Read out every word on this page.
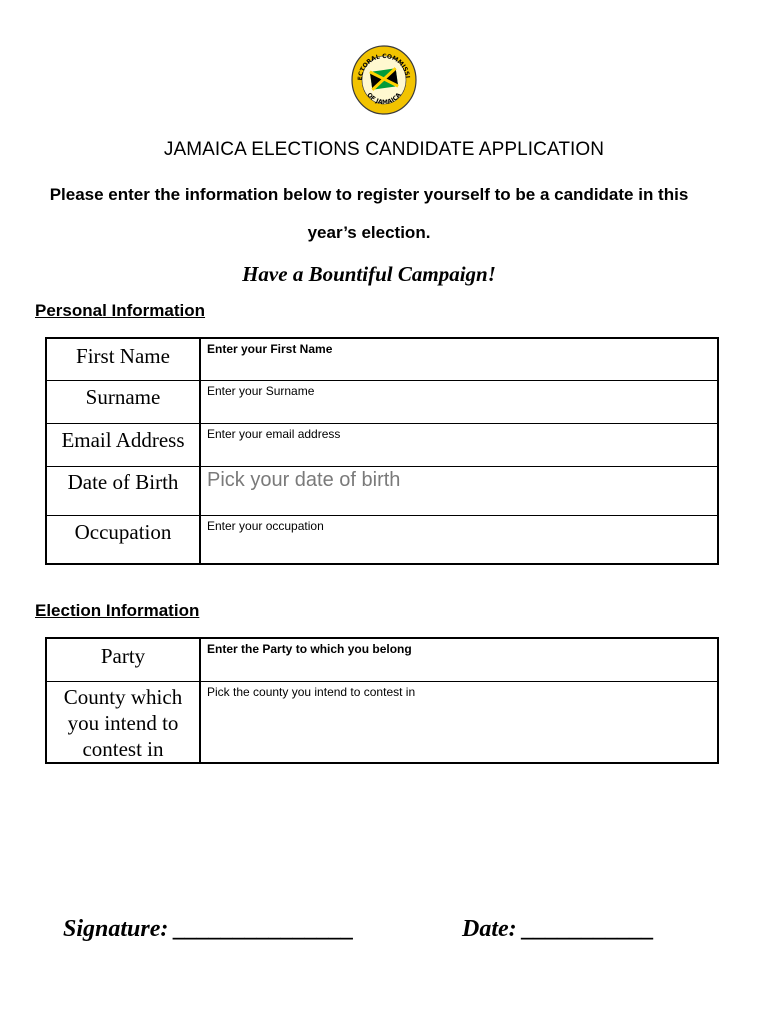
ECTORAL COMMISSI
OF JAMAICA
JAMAICA ELECTIONS CANDIDATE APPLICATION
Please enter the information below to register yourself to be a candidate in this year’s election.
Have a Bountiful Campaign!
Personal Information
First Name	Enter your First Name

Surname	Enter your Surname

Email Address	Enter your email address

Date of Birth	Pick your date of birth

Occupation	Enter your occupation
Election Information
Party	Enter the Party to which you belong

County which you intend to contest in	Pick the county you intend to contest in
Signature: _______________	Date: ___________
